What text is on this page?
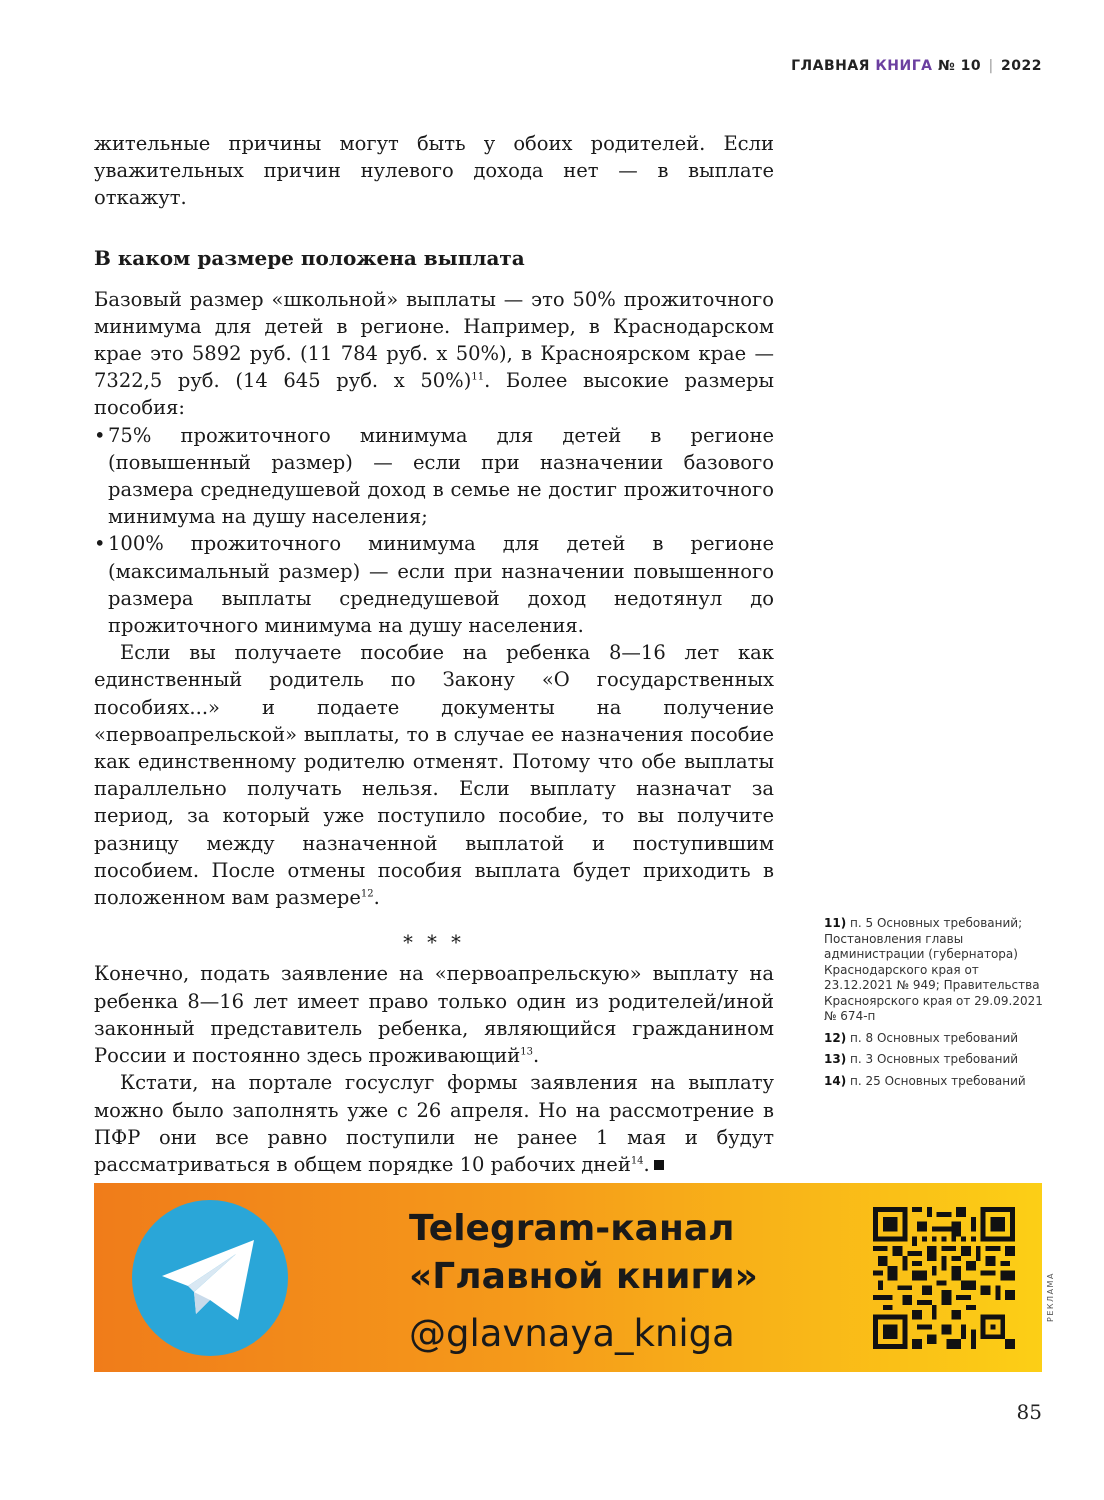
ГЛАВНАЯ КНИГА № 10 | 2022

жительные причины могут быть у обоих родителей. Если уважительных причин нулевого дохода нет — в выплате откажут.

В каком размере положена выплата

Базовый размер «школьной» выплаты — это 50% прожиточного минимума для детей в регионе. Например, в Краснодарском крае это 5892 руб. (11 784 руб. х 50%), в Красноярском крае — 7322,5 руб. (14 645 руб. х 50%)$^{11}$. Более высокие размеры пособия:

• 75% прожиточного минимума для детей в регионе (повышенный размер) — если при назначении базового размера среднедушевой доход в семье не достиг прожиточного минимума на душу населения;
• 100% прожиточного минимума для детей в регионе (максимальный размер) — если при назначении повышенного размера выплаты среднедушевой доход недотянул до прожиточного минимума на душу населения.

Если вы получаете пособие на ребенка 8—16 лет как единственный родитель по Закону «О государственных пособиях...» и подаете документы на получение «первоапрельской» выплаты, то в случае ее назначения пособие как единственному родителю отменят. Потому что обе выплаты параллельно получать нельзя. Если выплату назначат за период, за который уже поступило пособие, то вы получите разницу между назначенной выплатой и поступившим пособием. После отмены пособия выплата будет приходить в положенном вам размере$^{12}$.

* * *

Конечно, подать заявление на «первоапрельскую» выплату на ребенка 8—16 лет имеет право только один из родителей/иной законный представитель ребенка, являющийся гражданином России и постоянно здесь проживающий$^{13}$.

Кстати, на портале госуслуг формы заявления на выплату можно было заполнять уже с 26 апреля. Но на рассмотрение в ПФР они все равно поступили не ранее 1 мая и будут рассматриваться в общем порядке 10 рабочих дней$^{14}$.

11) п. 5 Основных требований; Постановления главы администрации (губернатора) Краснодарского края от 23.12.2021 № 949; Правительства Красноярского края от 29.09.2021 № 674-п
12) п. 8 Основных требований
13) п. 3 Основных требований
14) п. 25 Основных требований
Telegram-канал
«Главной книги»
@glavnaya_kniga
РЕКЛАМА
85
